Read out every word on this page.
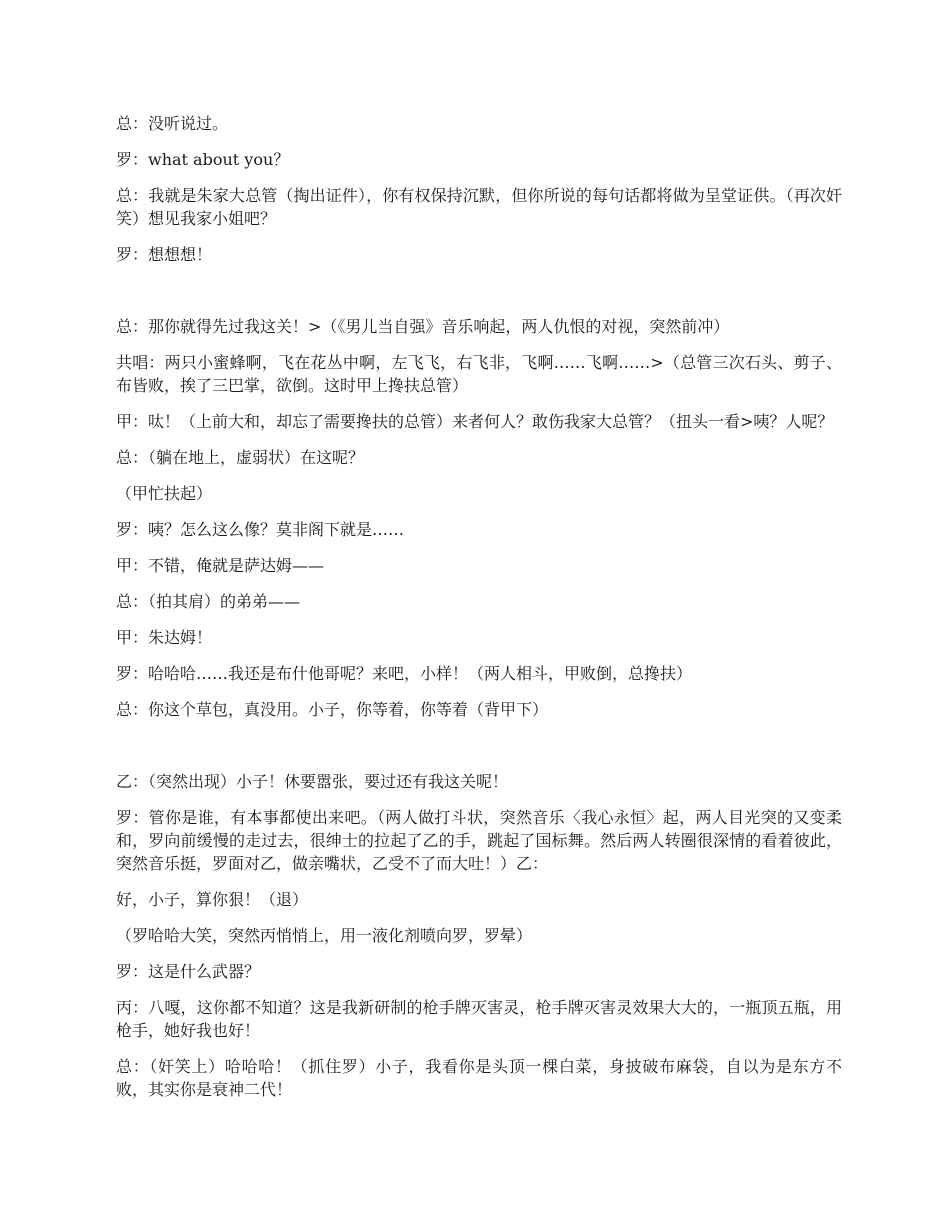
总：没听说过。

罗：what about you？

总：我就是朱家大总管（掏出证件），你有权保持沉默，但你所说的每句话都将做为呈堂证供。（再次奸笑）想见我家小姐吧？

罗：想想想！

总：那你就得先过我这关！>（《男儿当自强》音乐响起，两人仇恨的对视，突然前冲）

共唱：两只小蜜蜂啊，飞在花丛中啊，左飞飞，右飞非，飞啊……飞啊……>（总管三次石头、剪子、布皆败，挨了三巴掌，欲倒。这时甲上搀扶总管）

甲：呔！（上前大和，却忘了需要搀扶的总管）来者何人？敢伤我家大总管？（扭头一看>咦？人呢？

总：（躺在地上，虚弱状）在这呢？

（甲忙扶起）

罗：咦？怎么这么像？莫非阁下就是……

甲：不错，俺就是萨达姆——

总：（拍其肩）的弟弟——

甲：朱达姆！

罗：哈哈哈……我还是布什他哥呢？来吧，小样！（两人相斗，甲败倒，总搀扶）

总：你这个草包，真没用。小子，你等着，你等着（背甲下）

乙：（突然出现）小子！休要嚣张，要过还有我这关呢！

罗：管你是谁，有本事都使出来吧。（两人做打斗状，突然音乐〈我心永恒〉起，两人目光突的又变柔和，罗向前缓慢的走过去，很绅士的拉起了乙的手，跳起了国标舞。然后两人转圈很深情的看着彼此，突然音乐挺，罗面对乙，做亲嘴状，乙受不了而大吐！）乙：

好，小子，算你狠！（退）

（罗哈哈大笑，突然丙悄悄上，用一液化剂喷向罗，罗晕）

罗：这是什么武器？

丙：八嘎，这你都不知道？这是我新研制的枪手牌灭害灵，枪手牌灭害灵效果大大的，一瓶顶五瓶，用枪手，她好我也好！

总：（奸笑上）哈哈哈！（抓住罗）小子，我看你是头顶一棵白菜，身披破布麻袋，自以为是东方不败，其实你是衰神二代！
